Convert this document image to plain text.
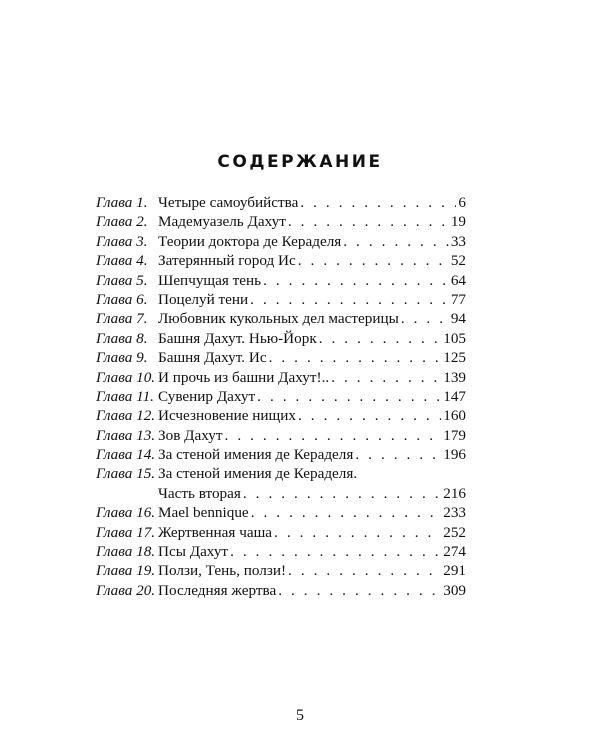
СОДЕРЖАНИЕ
Глава 1. Четыре самоубийства . . .	6
Глава 2. Мадемуазель Дахут . . .	19
Глава 3. Теории доктора де Кераделя . . .	33
Глава 4. Затерянный город Ис . . .	52
Глава 5. Шепчущая тень . . .	64
Глава 6. Поцелуй тени . . .	77
Глава 7. Любовник кукольных дел мастерицы . . .	94
Глава 8. Башня Дахут. Нью-Йорк . . .	105
Глава 9. Башня Дахут. Ис . . .	125
Глава 10. И прочь из башни Дахут!.. . . .	139
Глава 11. Сувенир Дахут . . .	147
Глава 12. Исчезновение нищих . . .	160
Глава 13. Зов Дахут . . .	179
Глава 14. За стеной имения де Кераделя . . .	196
Глава 15. За стеной имения де Кераделя.
Часть вторая . . .	216
Глава 16. Mael bennique . . .	233
Глава 17. Жертвенная чаша . . .	252
Глава 18. Псы Дахут . . .	274
Глава 19. Ползи, Тень, ползи! . . .	291
Глава 20. Последняя жертва . . .	309
5
